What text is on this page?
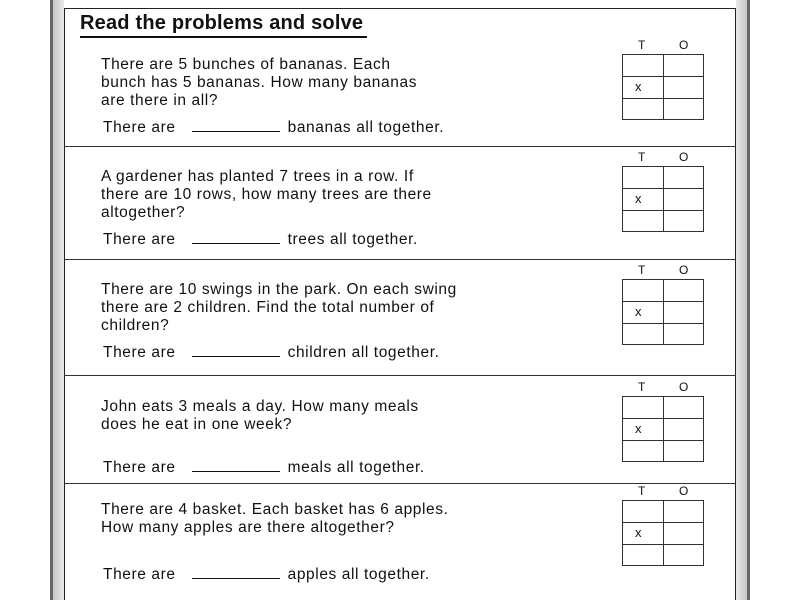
Read the problems and solve
There are 5 bunches of bananas. Each
bunch has 5 bananas. How many bananas
are there in all?
There are	bananas all together.
T	O
x
A gardener has planted 7 trees in a row. If
there are 10 rows, how many trees are there
altogether?
There are	trees all together.
T	O
x
There are 10 swings in the park. On each swing
there are 2 children. Find the total number of
children?
There are	children all together.
T	O
x
John eats 3 meals a day. How many meals
does he eat in one week?
There are	meals all together.
T	O
x
There are 4 basket. Each basket has 6 apples.
How many apples are there altogether?
There are	apples all together.
T	O
x
